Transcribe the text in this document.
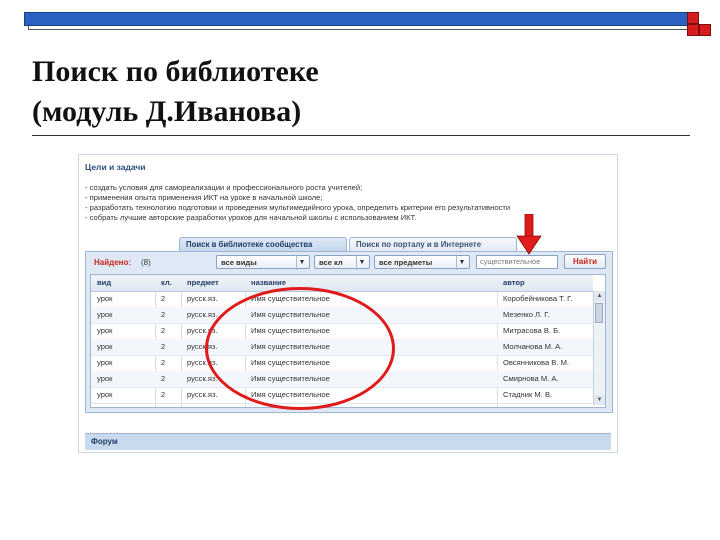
Поиск по библиотеке
(модуль Д.Иванова)
Цели и задачи
- создать условия для самореализации и профессионального роста учителей;
- применения опыта применения ИКТ на уроке в начальной школе;
- разработать технологию подготовки и проведения мультимедийного урока, определить критерии его результативности
- собрать лучшие авторские разработки уроков для начальной школы с использованием ИКТ.
Поиск в библиотеке сообщества	Поиск по порталу и в Интернете
Найдено: (8)	все виды	▼	все кл	▼	все предметы	▼	существительное	Найти
вид	кл.	предмет	название	автор
урок	2	русск.яз.	Имя существительное	Коробейникова Т. Г.
урок	2	русск.яз.	Имя существительное	Мезенко Л. Г.
урок	2	русск.яз.	Имя существительное	Митрасова В. Б.
урок	2	русск.яз.	Имя существительное	Молчанова М. А.
урок	2	русск.яз.	Имя существительное	Овсянникова В. М.
урок	2	русск.яз.	Имя существительное	Смирнова М. А.
урок	2	русск.яз.	Имя существительное	Стадник М. В.
▲
▼
Форум
